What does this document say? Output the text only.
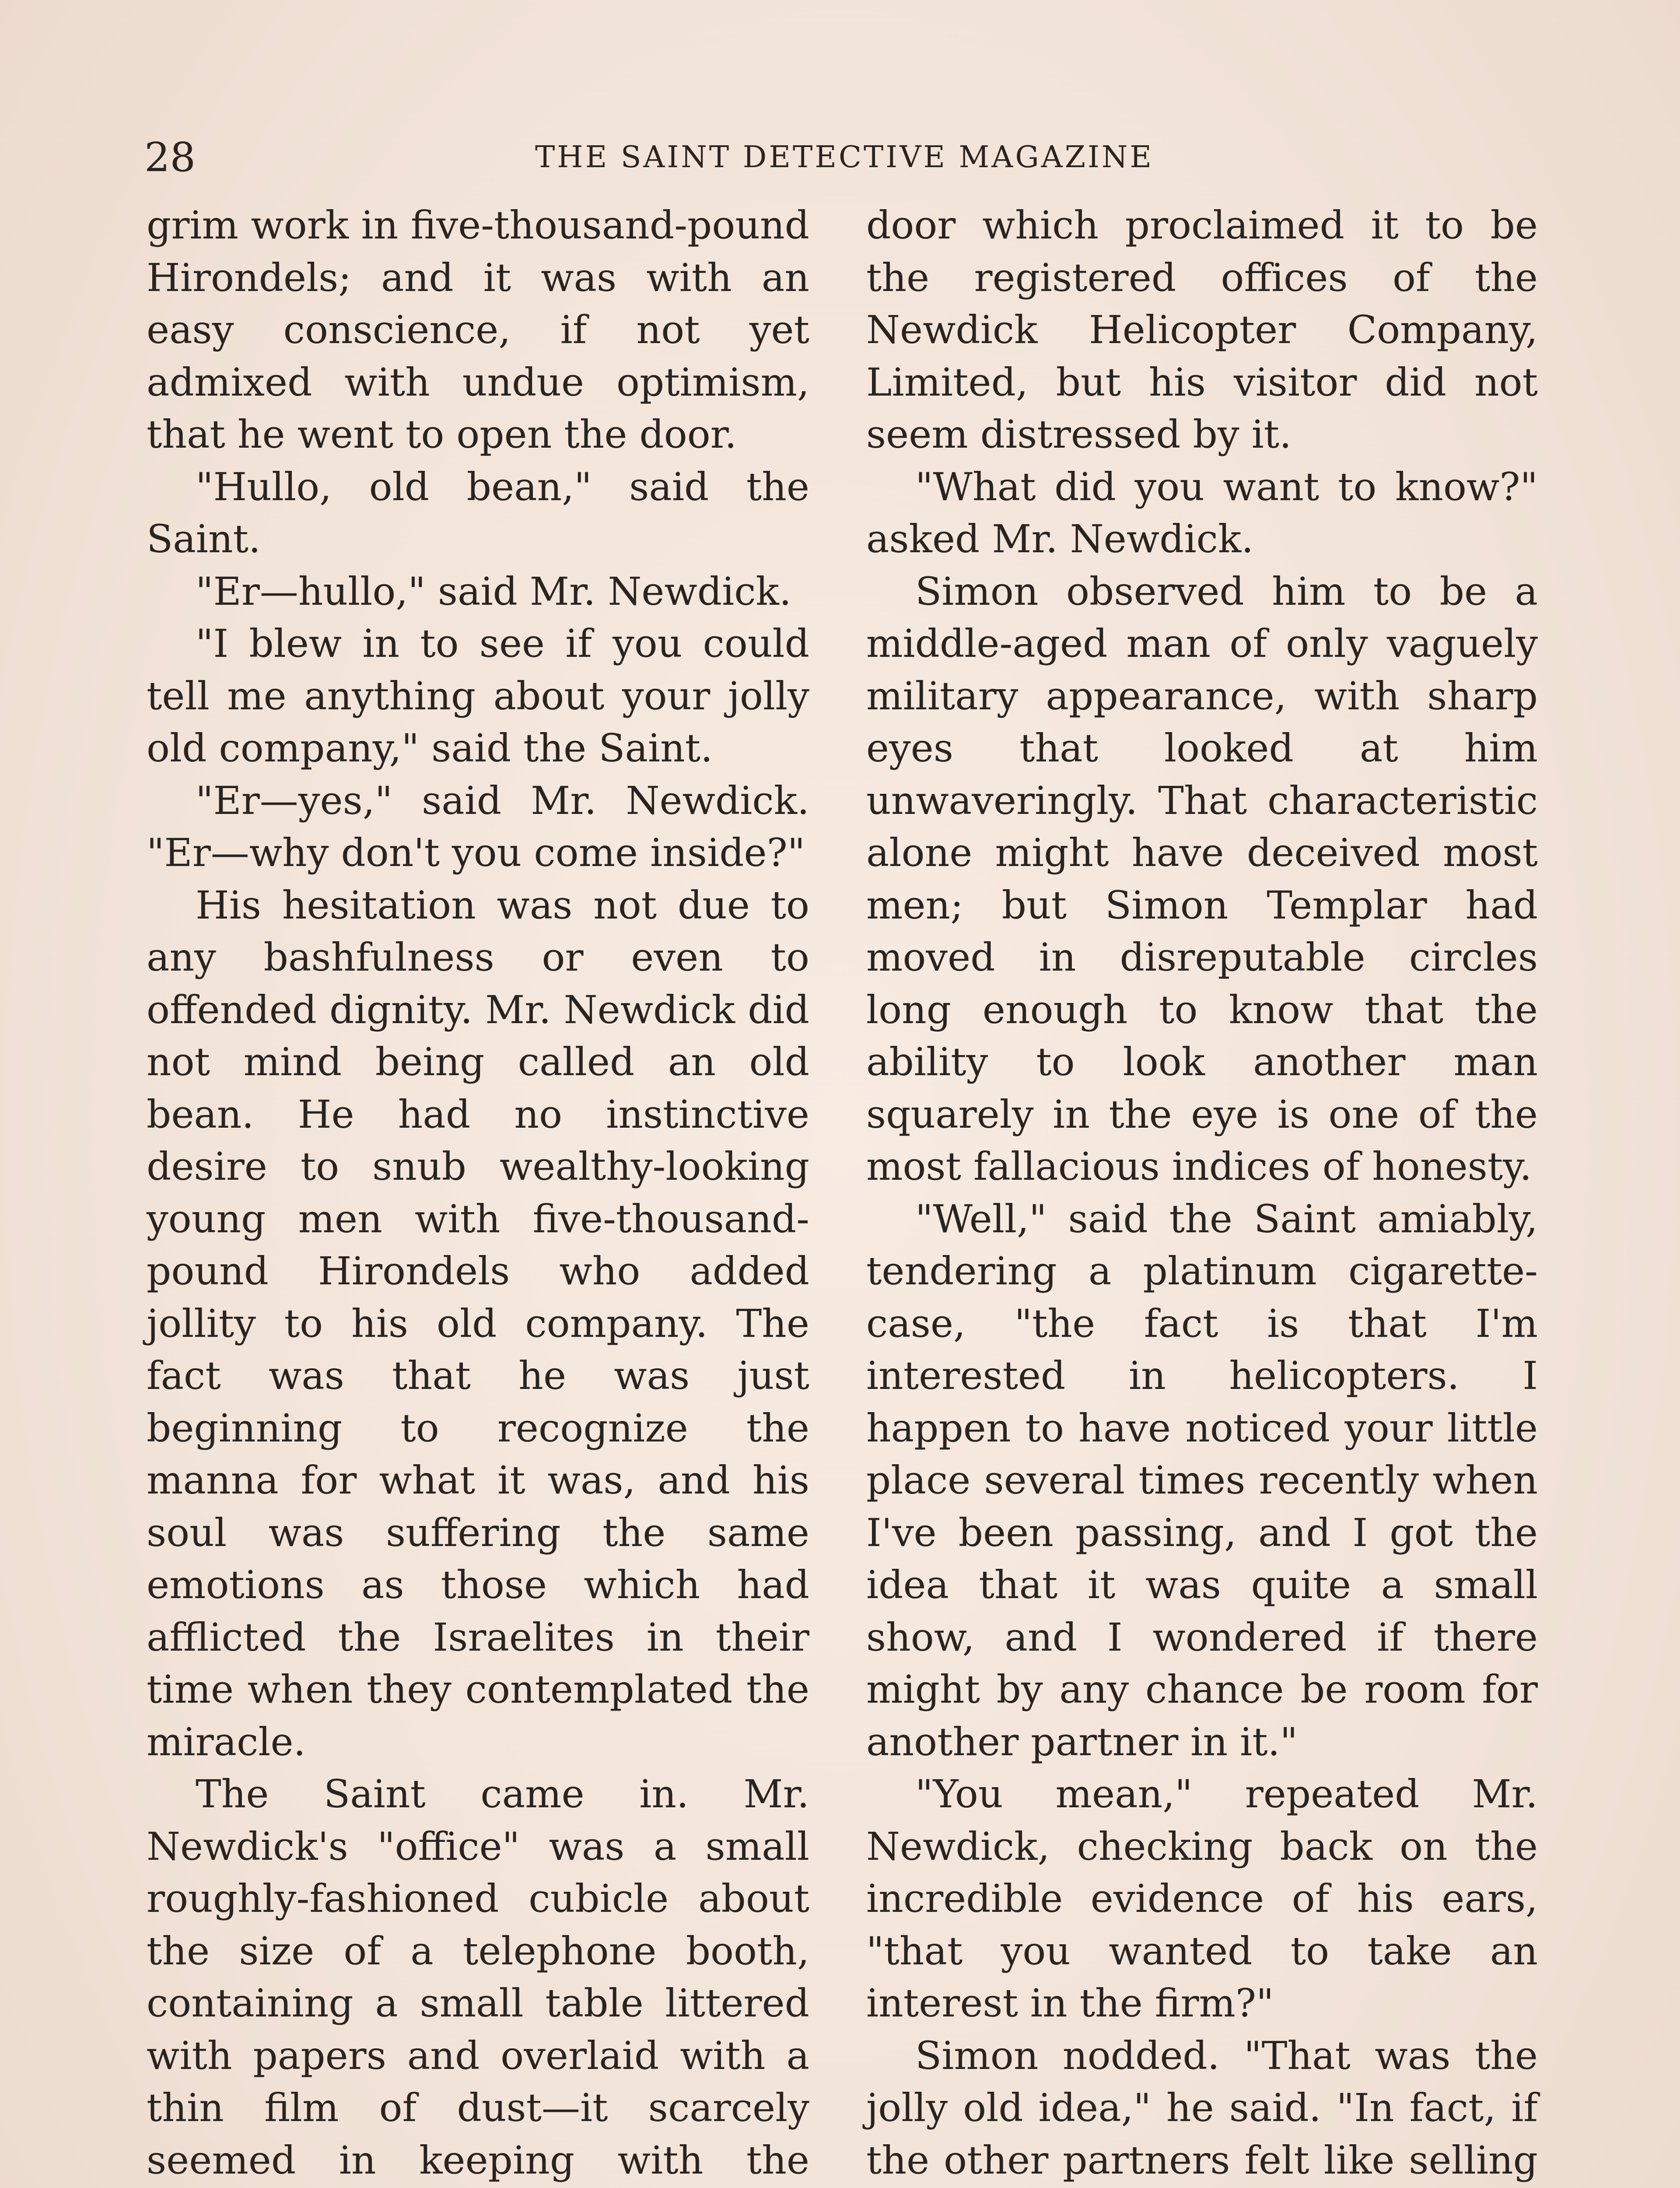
28	THE SAINT DETECTIVE MAGAZINE

grim work in five-thousand-pound Hirondels; and it was with an easy conscience, if not yet admixed with undue optimism, that he went to open the door.

"Hullo, old bean," said the Saint.

"Er—hullo," said Mr. Newdick.

"I blew in to see if you could tell me anything about your jolly old company," said the Saint.

"Er—yes," said Mr. Newdick. "Er—why don't you come inside?"

His hesitation was not due to any bashfulness or even to offended dignity. Mr. Newdick did not mind being called an old bean. He had no instinctive desire to snub wealthy-looking young men with five-thousand-pound Hirondels who added jollity to his old company. The fact was that he was just beginning to recognize the manna for what it was, and his soul was suffering the same emotions as those which had afflicted the Israelites in their time when they contemplated the miracle.

The Saint came in. Mr. Newdick's "office" was a small roughly-fashioned cubicle about the size of a telephone booth, containing a small table littered with papers and overlaid with a thin film of dust—it scarcely seemed in keeping with the

door which proclaimed it to be the registered offices of the Newdick Helicopter Company, Limited, but his visitor did not seem distressed by it.

"What did you want to know?" asked Mr. Newdick.

Simon observed him to be a middle-aged man of only vaguely military appearance, with sharp eyes that looked at him unwaveringly. That characteristic alone might have deceived most men; but Simon Templar had moved in disreputable circles long enough to know that the ability to look another man squarely in the eye is one of the most fallacious indices of honesty.

"Well," said the Saint amiably, tendering a platinum cigarette-case, "the fact is that I'm interested in helicopters. I happen to have noticed your little place several times recently when I've been passing, and I got the idea that it was quite a small show, and I wondered if there might by any chance be room for another partner in it."

"You mean," repeated Mr. Newdick, checking back on the incredible evidence of his ears, "that you wanted to take an interest in the firm?"

Simon nodded. "That was the jolly old idea," he said. "In fact, if the other partners felt like selling
